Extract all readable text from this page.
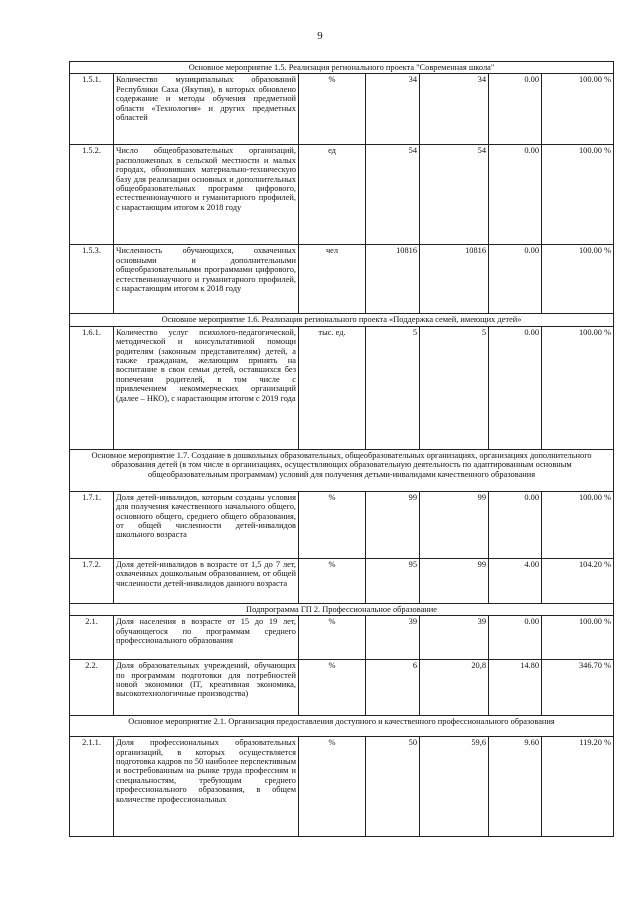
9
Основное мероприятие 1.5. Реализация регионального проекта "Современная школа"						
1.5.1.	Количество муниципальных образований Республики Саха (Якутия), в которых обновлено содержание и методы обучения предметной области «Технология» и других предметных областей	%	34	34	0.00	100.00 %
1.5.2.	Число общеобразовательных организаций, расположенных в сельской местности и малых городах, обновивших материально-техническую базу для реализации основных и дополнительных общеобразовательных программ цифрового, естественнонаучного и гуманитарного профилей, с нарастающим итогом к 2018 году	ед	54	54	0.00	100.00 %
1.5.3.	Численность обучающихся, охваченных основными и дополнительными общеобразовательными программами цифрового, естественнонаучного и гуманитарного профилей, с нарастающим итогом к 2018 году	чел	10816	10816	0.00	100.00 %
Основное мероприятие 1.6. Реализация регионального проекта «Поддержка семей, имеющих детей»						
1.6.1.	Количество услуг психолого-педагогической, методической и консультативной помощи родителям (законным представителям) детей, а также гражданам, желающим принять на воспитание в свои семьи детей, оставшихся без попечения родителей, в том числе с привлечением некоммерческих организаций (далее – НКО), с нарастающим итогом с 2019 года	тыс. ед.	5	5	0.00	100.00 %
Основное мероприятие 1.7. Создание в дошкольных образовательных, общеобразовательных организациях, организациях дополнительного образования детей (в том числе в организациях, осуществляющих образовательную деятельность по адаптированным основным общеобразовательным программам) условий для получения детьми-инвалидами качественного образования						
1.7.1.	Доля детей-инвалидов, которым созданы условия для получения качественного начального общего, основного общего, среднего общего образования, от общей численности детей-инвалидов школьного возраста	%	99	99	0.00	100.00 %
1.7.2.	Доля детей-инвалидов в возрасте от 1,5 до 7 лет, охваченных дошкольным образованием, от общей численности детей-инвалидов данного возраста	%	95	99	4.00	104.20 %
Подпрограмма ГП 2. Профессиональное образование						
2.1.	Доля населения в возрасте от 15 до 19 лет, обучающегося по программам среднего профессионального образования	%	39	39	0.00	100.00 %
2.2.	Доля образовательных учреждений, обучающих по программам подготовки для потребностей новой экономики (IT, креативная экономика, высокотехнологичные производства)	%	6	20,8	14.80	346.70 %
Основное мероприятие 2.1. Организация предоставления доступного и качественного профессионального образования						
2.1.1.	Доля профессиональных образовательных организаций, в которых осуществляется подготовка кадров по 50 наиболее перспективным и востребованным на рынке труда профессиям и специальностям, требующим среднего профессионального образования, в общем количестве профессиональных	%	50	59,6	9.60	119.20 %
